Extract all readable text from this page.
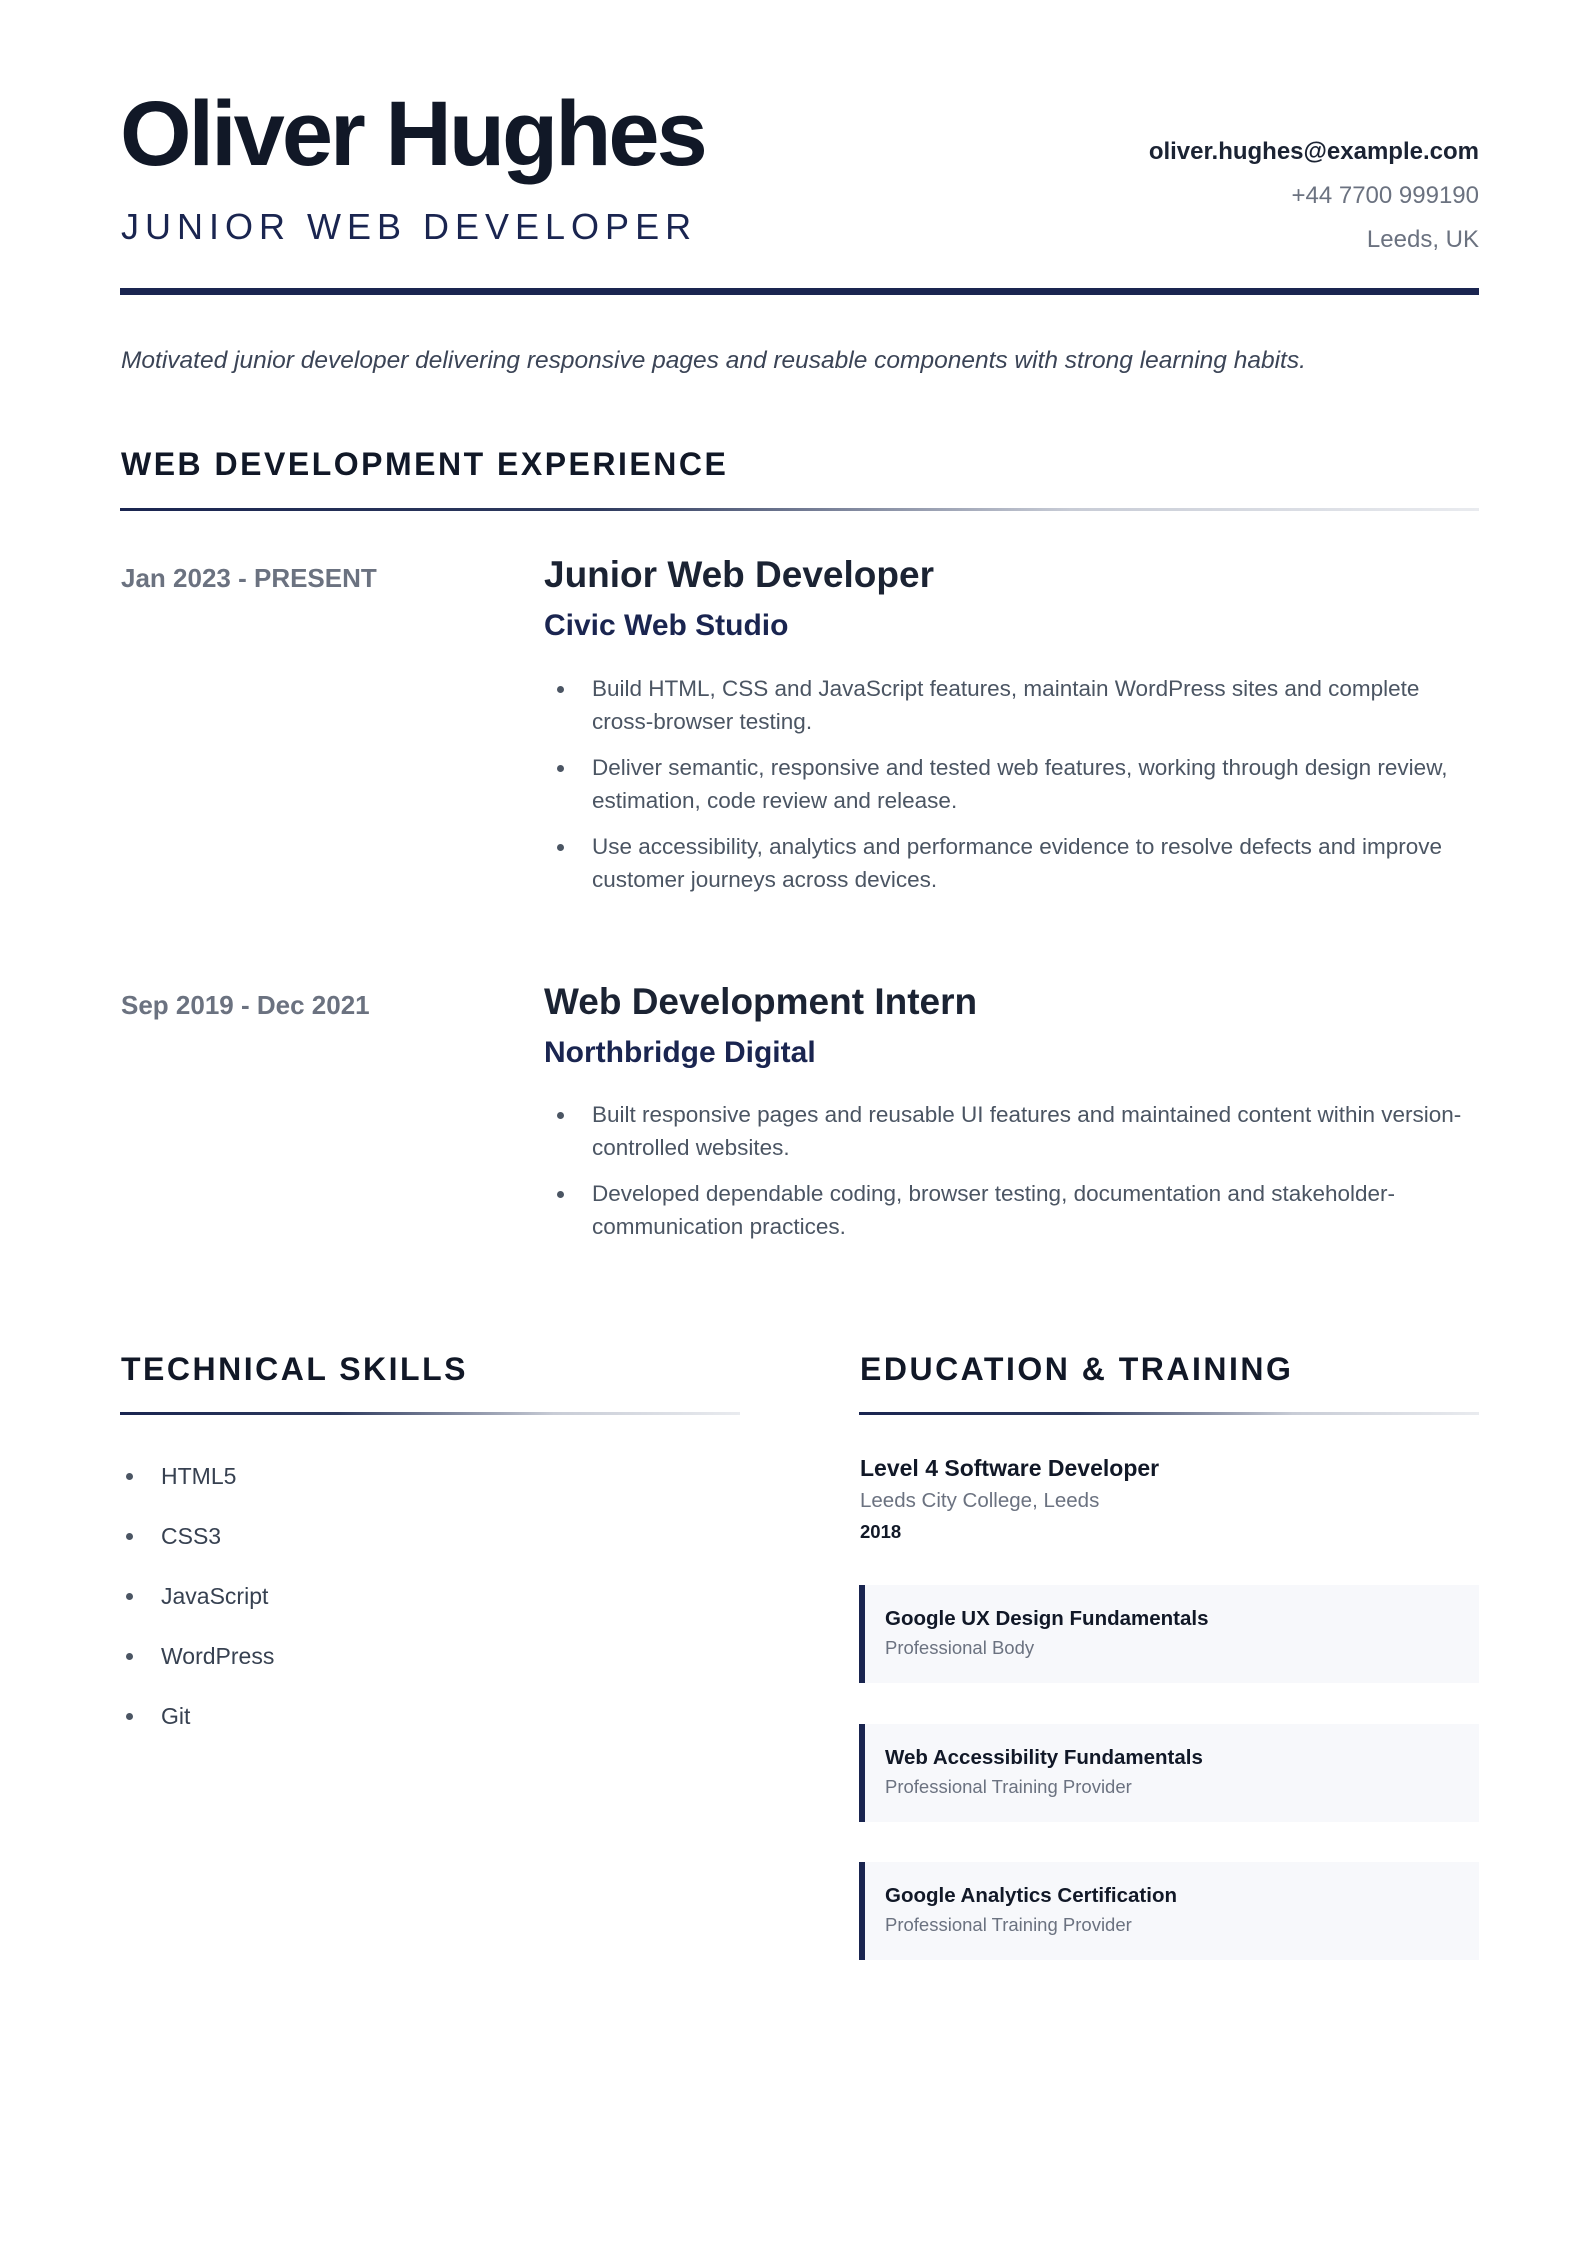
Oliver Hughes
JUNIOR WEB DEVELOPER
oliver.hughes@example.com
+44 7700 999190
Leeds, UK

Motivated junior developer delivering responsive pages and reusable components with strong learning habits.

WEB DEVELOPMENT EXPERIENCE
Jan 2023 - PRESENT	Junior Web Developer
Civic Web Studio
Build HTML, CSS and JavaScript features, maintain WordPress sites and complete cross-browser testing.
Deliver semantic, responsive and tested web features, working through design review, estimation, code review and release.
Use accessibility, analytics and performance evidence to resolve defects and improve customer journeys across devices.
Sep 2019 - Dec 2021	Web Development Intern
Northbridge Digital
Built responsive pages and reusable UI features and maintained content within version-controlled websites.
Developed dependable coding, browser testing, documentation and stakeholder-communication practices.
TECHNICAL SKILLS
HTML5
CSS3
JavaScript
WordPress
Git
EDUCATION & TRAINING
Level 4 Software Developer
Leeds City College, Leeds
2018
Google UX Design Fundamentals
Professional Body
Web Accessibility Fundamentals
Professional Training Provider
Google Analytics Certification
Professional Training Provider
